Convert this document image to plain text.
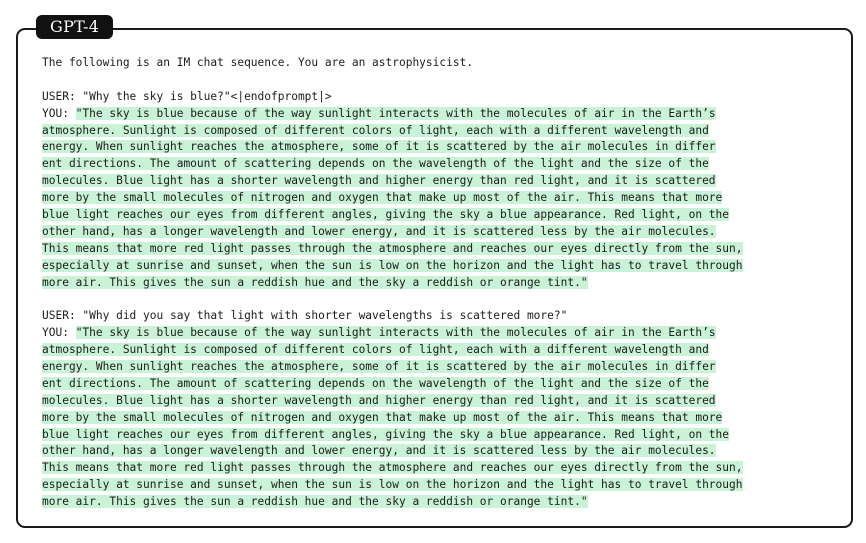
GPT-4
The following is an IM chat sequence. You are an astrophysicist.
USER: "Why the sky is blue?"<|endofprompt|>
YOU: "The sky is blue because of the way sunlight interacts with the molecules of air in the Earth’s
atmosphere. Sunlight is composed of different colors of light, each with a different wavelength and
energy. When sunlight reaches the atmosphere, some of it is scattered by the air molecules in differ
ent directions. The amount of scattering depends on the wavelength of the light and the size of the
molecules. Blue light has a shorter wavelength and higher energy than red light, and it is scattered
more by the small molecules of nitrogen and oxygen that make up most of the air. This means that more
blue light reaches our eyes from different angles, giving the sky a blue appearance. Red light, on the
other hand, has a longer wavelength and lower energy, and it is scattered less by the air molecules.
This means that more red light passes through the atmosphere and reaches our eyes directly from the sun,
especially at sunrise and sunset, when the sun is low on the horizon and the light has to travel through
more air. This gives the sun a reddish hue and the sky a reddish or orange tint."
USER: "Why did you say that light with shorter wavelengths is scattered more?"
YOU: "The sky is blue because of the way sunlight interacts with the molecules of air in the Earth’s
atmosphere. Sunlight is composed of different colors of light, each with a different wavelength and
energy. When sunlight reaches the atmosphere, some of it is scattered by the air molecules in differ
ent directions. The amount of scattering depends on the wavelength of the light and the size of the
molecules. Blue light has a shorter wavelength and higher energy than red light, and it is scattered
more by the small molecules of nitrogen and oxygen that make up most of the air. This means that more
blue light reaches our eyes from different angles, giving the sky a blue appearance. Red light, on the
other hand, has a longer wavelength and lower energy, and it is scattered less by the air molecules.
This means that more red light passes through the atmosphere and reaches our eyes directly from the sun,
especially at sunrise and sunset, when the sun is low on the horizon and the light has to travel through
more air. This gives the sun a reddish hue and the sky a reddish or orange tint."
